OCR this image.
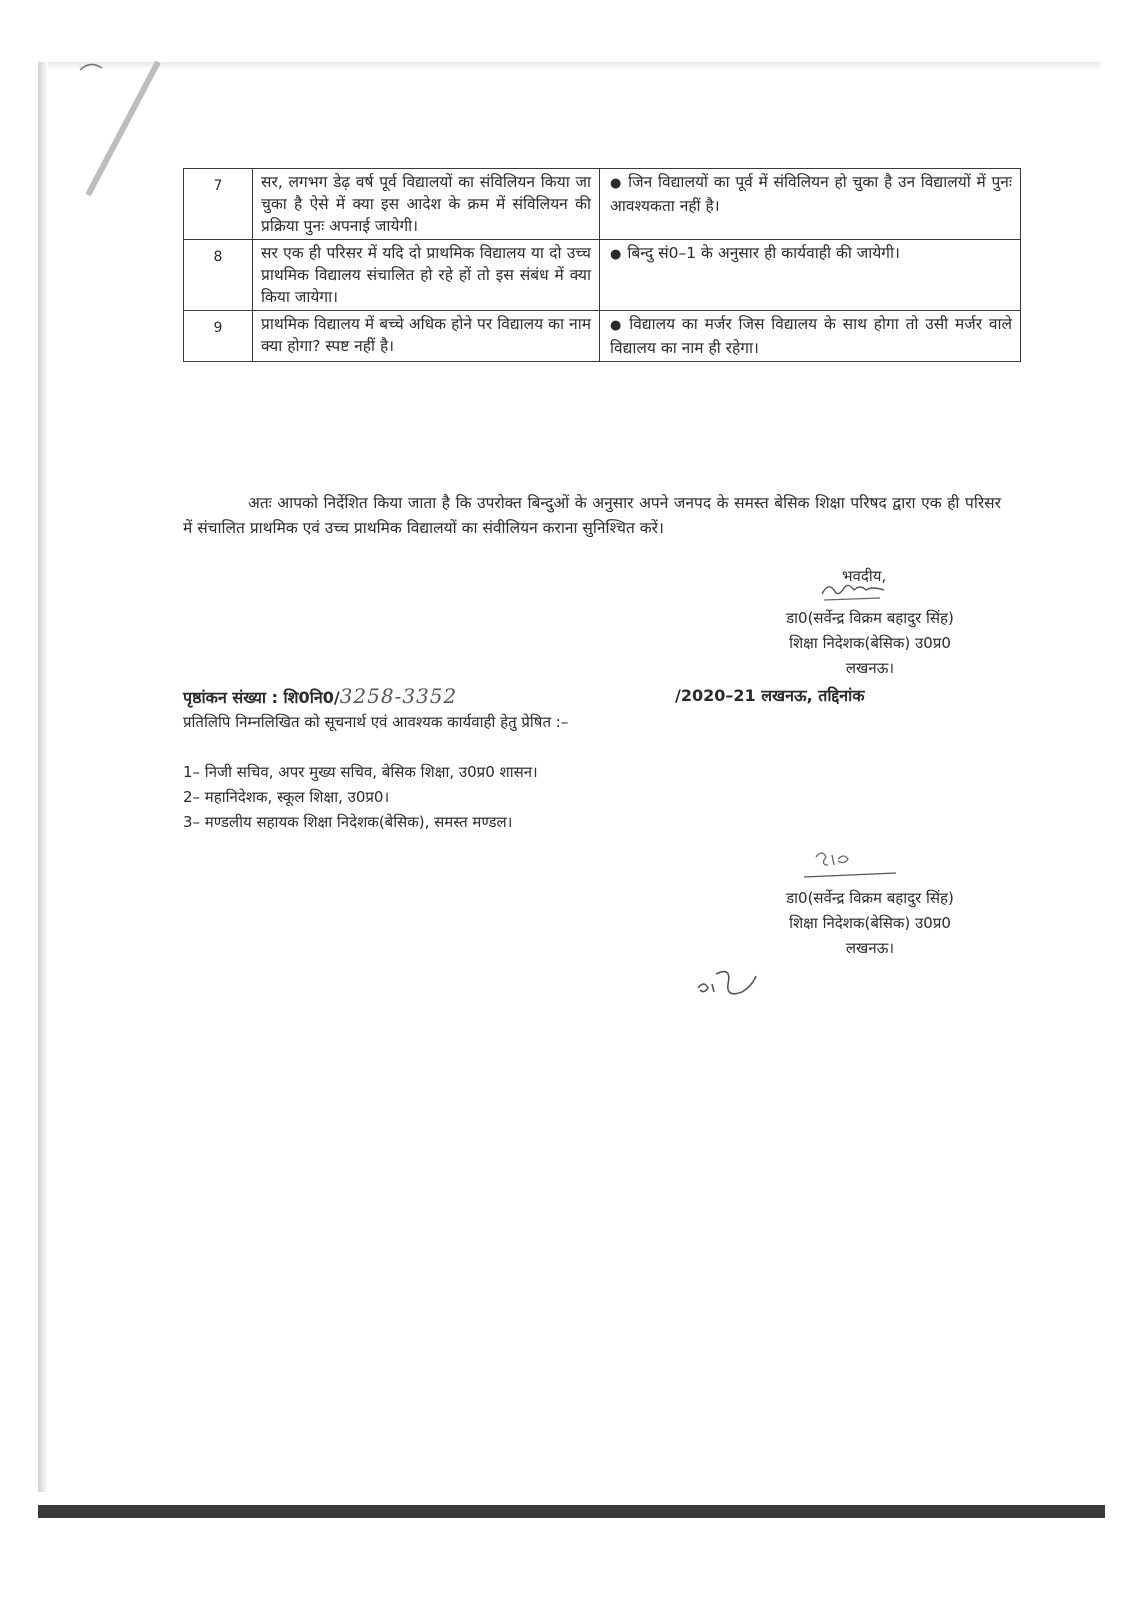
7	सर, लगभग डेढ़ वर्ष पूर्व विद्यालयों का संविलियन किया जा चुका है ऐसे में क्या इस आदेश के क्रम में संविलियन की प्रक्रिया पुनः अपनाई जायेगी।	● जिन विद्यालयों का पूर्व में संविलियन हो चुका है उन विद्यालयों में पुनः आवश्यकता नहीं है।
8	सर एक ही परिसर में यदि दो प्राथमिक विद्यालय या दो उच्च प्राथमिक विद्यालय संचालित हो रहे हों तो इस संबंध में क्या किया जायेगा।	● बिन्दु सं0–1 के अनुसार ही कार्यवाही की जायेगी।
9	प्राथमिक विद्यालय में बच्चे अधिक होने पर विद्यालय का नाम क्या होगा? स्पष्ट नहीं है।	● विद्यालय का मर्जर जिस विद्यालय के साथ होगा तो उसी मर्जर वाले विद्यालय का नाम ही रहेगा।

अतः आपको निर्देशित किया जाता है कि उपरोक्त बिन्दुओं के अनुसार अपने जनपद के समस्त बेसिक शिक्षा परिषद द्वारा एक ही परिसर में संचालित प्राथमिक एवं उच्च प्राथमिक विद्यालयों का संवीलियन कराना सुनिश्चित करें।

भवदीय,
डा0(सर्वेन्द्र विक्रम बहादुर सिंह)
शिक्षा निदेशक(बेसिक) उ0प्र0
लखनऊ।
पृष्ठांकन संख्या : शि0नि0/3258-3352	/2020–21 लखनऊ, तद्दिनांक
प्रतिलिपि निम्नलिखित को सूचनार्थ एवं आवश्यक कार्यवाही हेतु प्रेषित :–
1– निजी सचिव, अपर मुख्य सचिव, बेसिक शिक्षा, उ0प्र0 शासन।
2– महानिदेशक, स्कूल शिक्षा, उ0प्र0।
3– मण्डलीय सहायक शिक्षा निदेशक(बेसिक), समस्त मण्डल।
डा0(सर्वेन्द्र विक्रम बहादुर सिंह)
शिक्षा निदेशक(बेसिक) उ0प्र0
लखनऊ।
